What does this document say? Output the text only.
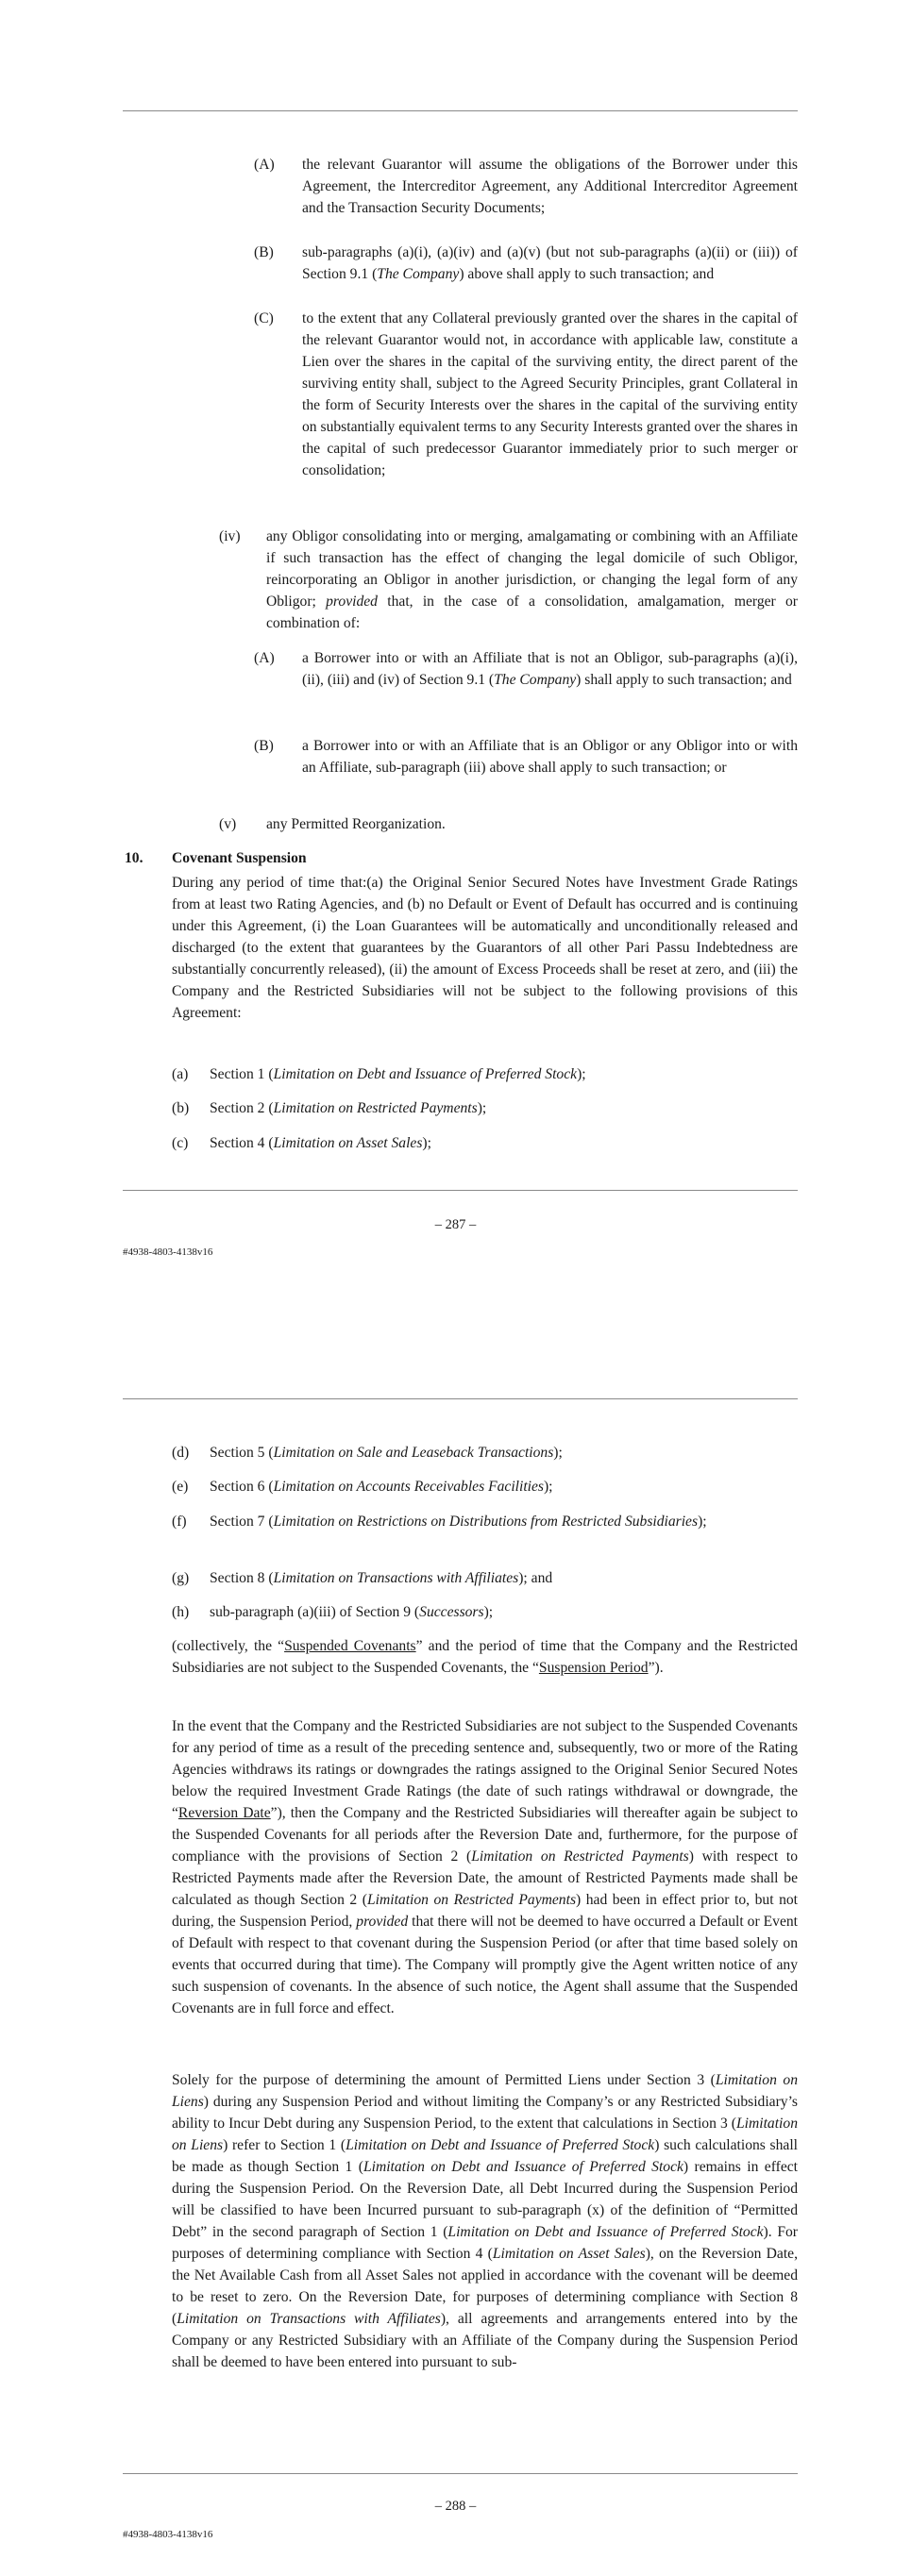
(A) the relevant Guarantor will assume the obligations of the Borrower under this Agreement, the Intercreditor Agreement, any Additional Intercreditor Agreement and the Transaction Security Documents;

(B) sub-paragraphs (a)(i), (a)(iv) and (a)(v) (but not sub-paragraphs (a)(ii) or (iii)) of Section 9.1 (The Company) above shall apply to such transaction; and

(C) to the extent that any Collateral previously granted over the shares in the capital of the relevant Guarantor would not, in accordance with applicable law, constitute a Lien over the shares in the capital of the surviving entity, the direct parent of the surviving entity shall, subject to the Agreed Security Principles, grant Collateral in the form of Security Interests over the shares in the capital of the surviving entity on substantially equivalent terms to any Security Interests granted over the shares in the capital of such predecessor Guarantor immediately prior to such merger or consolidation;

(iv) any Obligor consolidating into or merging, amalgamating or combining with an Affiliate if such transaction has the effect of changing the legal domicile of such Obligor, reincorporating an Obligor in another jurisdiction, or changing the legal form of any Obligor; provided that, in the case of a consolidation, amalgamation, merger or combination of:

(A) a Borrower into or with an Affiliate that is not an Obligor, sub-paragraphs (a)(i), (ii), (iii) and (iv) of Section 9.1 (The Company) shall apply to such transaction; and

(B) a Borrower into or with an Affiliate that is an Obligor or any Obligor into or with an Affiliate, sub-paragraph (iii) above shall apply to such transaction; or

(v) any Permitted Reorganization.

10. Covenant Suspension

During any period of time that:(a) the Original Senior Secured Notes have Investment Grade Ratings from at least two Rating Agencies, and (b) no Default or Event of Default has occurred and is continuing under this Agreement, (i) the Loan Guarantees will be automatically and unconditionally released and discharged (to the extent that guarantees by the Guarantors of all other Pari Passu Indebtedness are substantially concurrently released), (ii) the amount of Excess Proceeds shall be reset at zero, and (iii) the Company and the Restricted Subsidiaries will not be subject to the following provisions of this Agreement:

(a) Section 1 (Limitation on Debt and Issuance of Preferred Stock);

(b) Section 2 (Limitation on Restricted Payments);

(c) Section 4 (Limitation on Asset Sales);

– 287 –
#4938-4803-4138v16
(d) Section 5 (Limitation on Sale and Leaseback Transactions);

(e) Section 6 (Limitation on Accounts Receivables Facilities);

(f) Section 7 (Limitation on Restrictions on Distributions from Restricted Subsidiaries);

(g) Section 8 (Limitation on Transactions with Affiliates); and

(h) sub-paragraph (a)(iii) of Section 9 (Successors);

(collectively, the “Suspended Covenants” and the period of time that the Company and the Restricted Subsidiaries are not subject to the Suspended Covenants, the “Suspension Period”).

In the event that the Company and the Restricted Subsidiaries are not subject to the Suspended Covenants for any period of time as a result of the preceding sentence and, subsequently, two or more of the Rating Agencies withdraws its ratings or downgrades the ratings assigned to the Original Senior Secured Notes below the required Investment Grade Ratings (the date of such ratings withdrawal or downgrade, the “Reversion Date”), then the Company and the Restricted Subsidiaries will thereafter again be subject to the Suspended Covenants for all periods after the Reversion Date and, furthermore, for the purpose of compliance with the provisions of Section 2 (Limitation on Restricted Payments) with respect to Restricted Payments made after the Reversion Date, the amount of Restricted Payments made shall be calculated as though Section 2 (Limitation on Restricted Payments) had been in effect prior to, but not during, the Suspension Period, provided that there will not be deemed to have occurred a Default or Event of Default with respect to that covenant during the Suspension Period (or after that time based solely on events that occurred during that time). The Company will promptly give the Agent written notice of any such suspension of covenants. In the absence of such notice, the Agent shall assume that the Suspended Covenants are in full force and effect.

Solely for the purpose of determining the amount of Permitted Liens under Section 3 (Limitation on Liens) during any Suspension Period and without limiting the Company’s or any Restricted Subsidiary’s ability to Incur Debt during any Suspension Period, to the extent that calculations in Section 3 (Limitation on Liens) refer to Section 1 (Limitation on Debt and Issuance of Preferred Stock) such calculations shall be made as though Section 1 (Limitation on Debt and Issuance of Preferred Stock) remains in effect during the Suspension Period. On the Reversion Date, all Debt Incurred during the Suspension Period will be classified to have been Incurred pursuant to sub-paragraph (x) of the definition of “Permitted Debt” in the second paragraph of Section 1 (Limitation on Debt and Issuance of Preferred Stock). For purposes of determining compliance with Section 4 (Limitation on Asset Sales), on the Reversion Date, the Net Available Cash from all Asset Sales not applied in accordance with the covenant will be deemed to be reset to zero. On the Reversion Date, for purposes of determining compliance with Section 8 (Limitation on Transactions with Affiliates), all agreements and arrangements entered into by the Company or any Restricted Subsidiary with an Affiliate of the Company during the Suspension Period shall be deemed to have been entered into pursuant to sub-

– 288 –
#4938-4803-4138v16
